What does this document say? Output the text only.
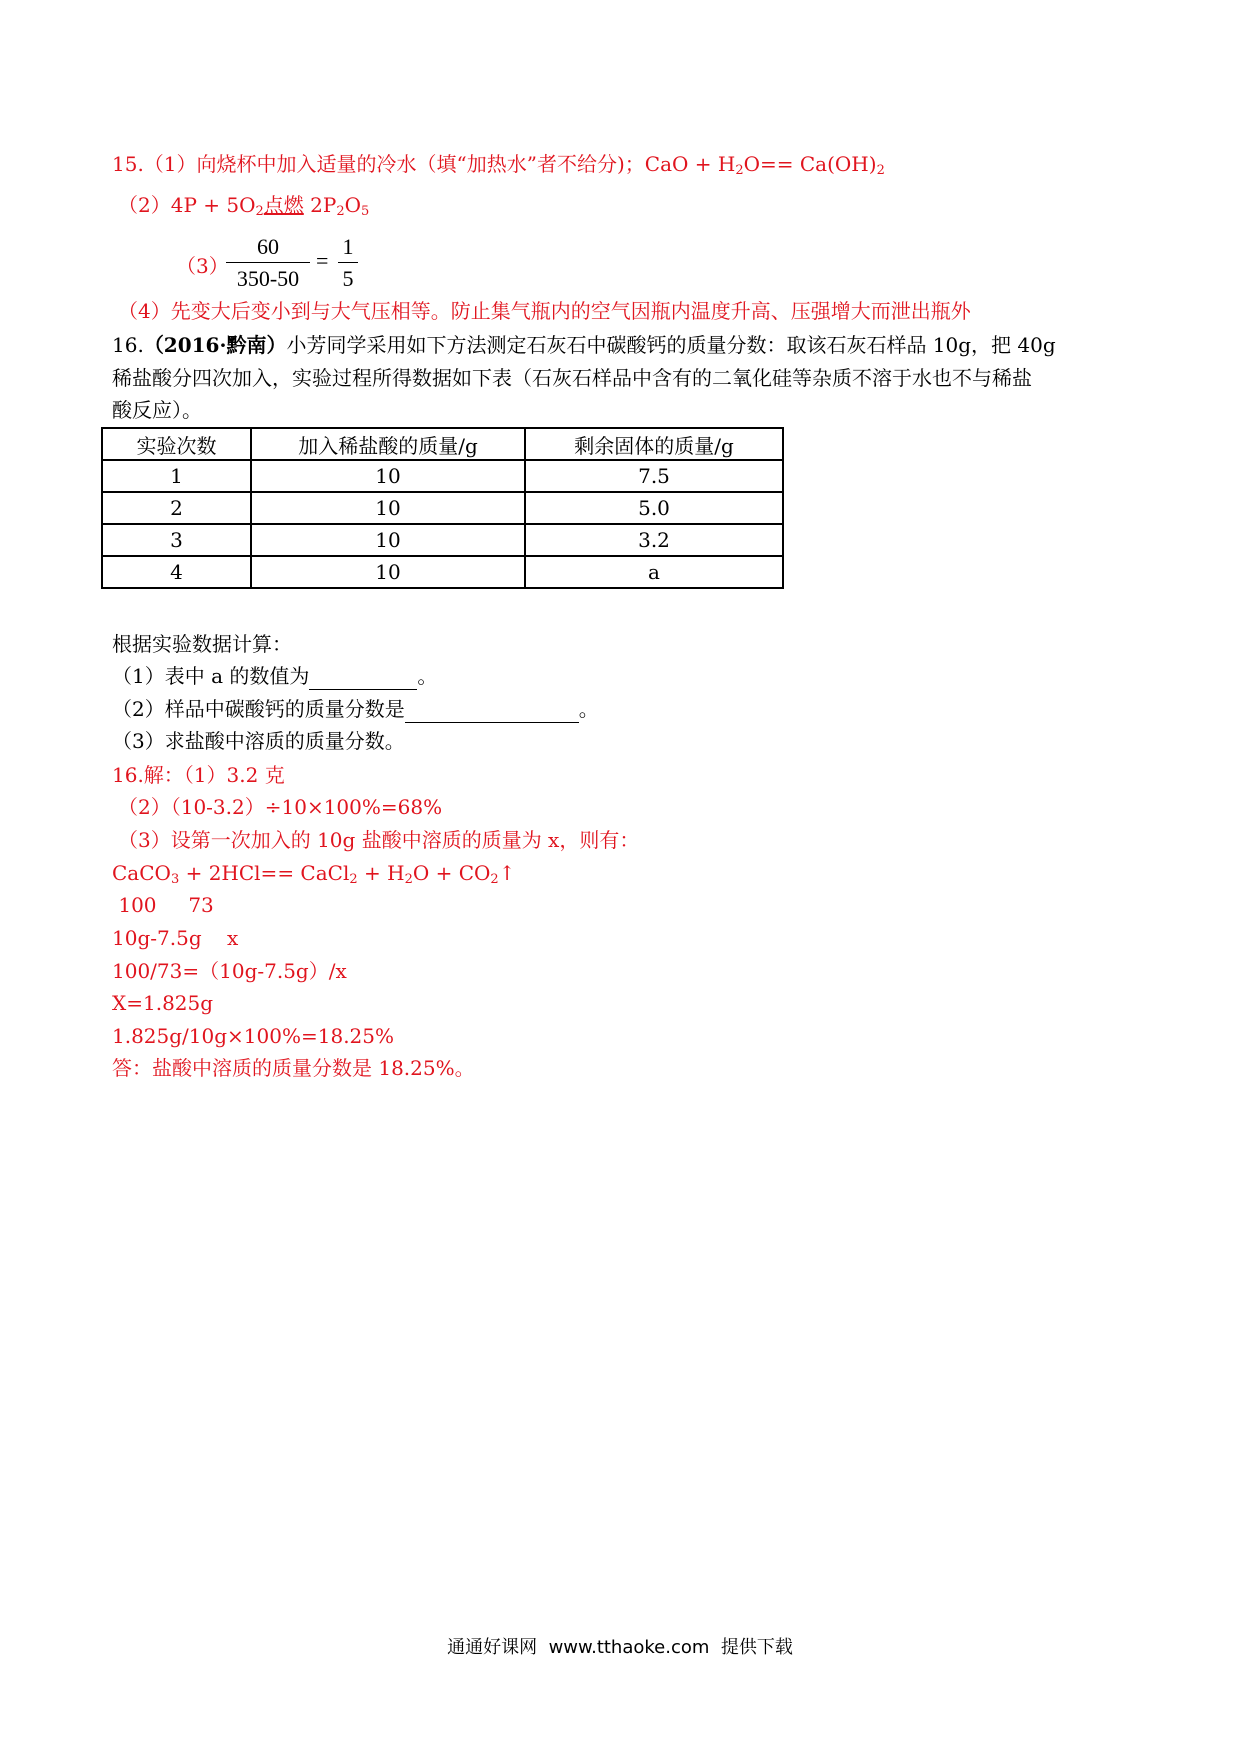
15.（1）向烧杯中加入适量的冷水（填“加热水”者不给分)；CaO + $H_2O== Ca(OH)_2$
$(2)4P + 5O_2$点燃 $2P_2O_5$
（3）
60
350-50
=
1
5
（4）先变大后变小到与大气压相等。防止集气瓶内的空气因瓶内温度升高、压强增大而泄出瓶外
16.（2016·黔南）小芳同学采用如下方法测定石灰石中碳酸钙的质量分数：取该石灰石样品 10g，把 40g
稀盐酸分四次加入，实验过程所得数据如下表（石灰石样品中含有的二氧化硅等杂质不溶于水也不与稀盐
酸反应）。
实验次数	加入稀盐酸的质量/g	剩余固体的质量/g
1	10	7.5
2	10	5.0
3	10	3.2
4	10	a
根据实验数据计算：
（1）表中 a 的数值为	。
（2）样品中碳酸钙的质量分数是	。
（3）求盐酸中溶质的质量分数。
16.解：（1）3.2 克
（2）（10-3.2）÷10×100%=68%
（3）设第一次加入的 10g 盐酸中溶质的质量为 x，则有：
CaCO$_3$ + 2HCl== CaCl$_2$ + $H_2O$ + $CO_2↑$
100     73
10g-7.5g    x
100/73=（10g-7.5g）/x
X=1.825g
1.825g/10g×100%=18.25%
答：盐酸中溶质的质量分数是 18.25%。
通通好课网  www.tthaoke.com  提供下载
